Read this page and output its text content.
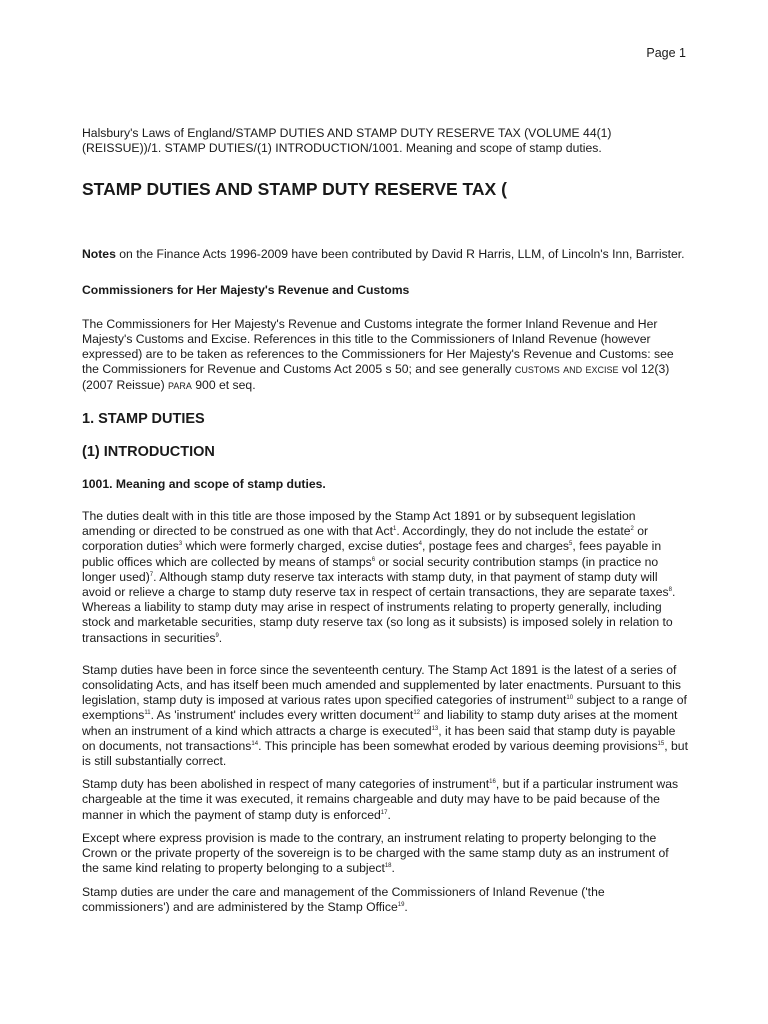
Page 1

Halsbury's Laws of England/STAMP DUTIES AND STAMP DUTY RESERVE TAX (VOLUME 44(1) (REISSUE))/1. STAMP DUTIES/(1) INTRODUCTION/1001. Meaning and scope of stamp duties.

STAMP DUTIES AND STAMP DUTY RESERVE TAX (

Notes on the Finance Acts 1996-2009 have been contributed by David R Harris, LLM, of Lincoln's Inn, Barrister.

Commissioners for Her Majesty's Revenue and Customs

The Commissioners for Her Majesty's Revenue and Customs integrate the former Inland Revenue and Her Majesty's Customs and Excise. References in this title to the Commissioners of Inland Revenue (however expressed) are to be taken as references to the Commissioners for Her Majesty's Revenue and Customs: see the Commissioners for Revenue and Customs Act 2005 s 50; and see generally customs and excise vol 12(3) (2007 Reissue) para 900 et seq.

1. STAMP DUTIES
(1) INTRODUCTION

1001. Meaning and scope of stamp duties.

The duties dealt with in this title are those imposed by the Stamp Act 1891 or by subsequent legislation amending or directed to be construed as one with that Act$^1$. Accordingly, they do not include the estate$^2$ or corporation duties$^3$ which were formerly charged, excise duties$^4$, postage fees and charges$^5$, fees payable in public offices which are collected by means of stamps$^6$ or social security contribution stamps (in practice no longer used)$^7$. Although stamp duty reserve tax interacts with stamp duty, in that payment of stamp duty will avoid or relieve a charge to stamp duty reserve tax in respect of certain transactions, they are separate taxes$^8$. Whereas a liability to stamp duty may arise in respect of instruments relating to property generally, including stock and marketable securities, stamp duty reserve tax (so long as it subsists) is imposed solely in relation to transactions in securities$^9$.

Stamp duties have been in force since the seventeenth century. The Stamp Act 1891 is the latest of a series of consolidating Acts, and has itself been much amended and supplemented by later enactments. Pursuant to this legislation, stamp duty is imposed at various rates upon specified categories of instrument$^{10}$ subject to a range of exemptions$^{11}$. As 'instrument' includes every written document$^{12}$ and liability to stamp duty arises at the moment when an instrument of a kind which attracts a charge is executed$^{13}$, it has been said that stamp duty is payable on documents, not transactions$^{14}$. This principle has been somewhat eroded by various deeming provisions$^{15}$, but is still substantially correct.

Stamp duty has been abolished in respect of many categories of instrument$^{16}$, but if a particular instrument was chargeable at the time it was executed, it remains chargeable and duty may have to be paid because of the manner in which the payment of stamp duty is enforced$^{17}$.

Except where express provision is made to the contrary, an instrument relating to property belonging to the Crown or the private property of the sovereign is to be charged with the same stamp duty as an instrument of the same kind relating to property belonging to a subject$^{18}$.

Stamp duties are under the care and management of the Commissioners of Inland Revenue ('the commissioners') and are administered by the Stamp Office$^{19}$.
